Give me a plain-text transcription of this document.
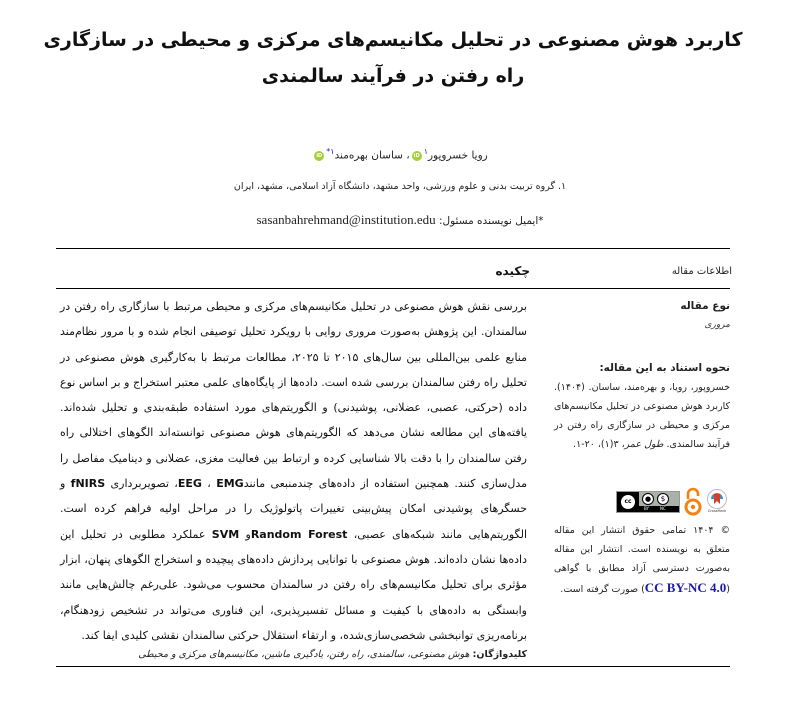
کاربرد هوش مصنوعی در تحلیل مکانیسم‌های مرکزی و محیطی در سازگاری راه رفتن در فرآیند سالمندی
رویا خسروپور$^۱$iD، ساسان بهره‌مند$^{۱*}$iD
۱. گروه تربیت بدنی و علوم ورزشی، واحد مشهد، دانشگاه آزاد اسلامی، مشهد، ایران
*ایمیل نویسنده مسئول: sasanbahrehmand@institution.edu
اطلاعات مقاله
چکیده
نوع مقاله
مروری
نحوه استناد به این مقاله:
خسروپور، رویا، و بهره‌مند، ساسان. (۱۴۰۴). کاربرد هوش مصنوعی در تحلیل مکانیسم‌های مرکزی و محیطی در سازگاری راه رفتن در فرآیند سالمندی. طول عمر، ۳(۱)، ۲۰-۱.
cc	●	$
BY	NC	CrossMark
© ۱۴۰۴ تمامی حقوق انتشار این مقاله متعلق به نویسنده است. انتشار این مقاله به‌صورت دسترسی آزاد مطابق با گواهی (CC BY-NC 4.0) صورت گرفته است.
بررسی نقش هوش مصنوعی در تحلیل مکانیسم‌های مرکزی و محیطی مرتبط با سازگاری راه رفتن در سالمندان. این پژوهش به‌صورت مروری روایی با رویکرد تحلیل توصیفی انجام شده و با مرور نظام‌مند منابع علمی بین‌المللی بین سال‌های ۲۰۱۵ تا ۲۰۲۵، مطالعات مرتبط با به‌کارگیری هوش مصنوعی در تحلیل راه رفتن سالمندان بررسی شده است. داده‌ها از پایگاه‌های علمی معتبر استخراج و بر اساس نوع داده (حرکتی، عصبی، عضلانی، پوشیدنی) و الگوریتم‌های مورد استفاده طبقه‌بندی و تحلیل شده‌اند. یافته‌های این مطالعه نشان می‌دهد که الگوریتم‌های هوش مصنوعی توانسته‌اند الگوهای اختلالی راه رفتن سالمندان را با دقت بالا شناسایی کرده و ارتباط بین فعالیت مغزی، عضلانی و دینامیک مفاصل را مدل‌سازی کنند. همچنین استفاده از داده‌های چندمنبعی مانندEEG ، EMG، تصویربرداری fNIRS و حسگرهای پوشیدنی امکان پیش‌بینی تغییرات پاتولوژیک را در مراحل اولیه فراهم کرده است. الگوریتم‌هایی مانند شبکه‌های عصبی، Random Forestو SVM عملکرد مطلوبی در تحلیل این داده‌ها نشان داده‌اند. هوش مصنوعی با توانایی پردازش داده‌های پیچیده و استخراج الگوهای پنهان، ابزار مؤثری برای تحلیل مکانیسم‌های راه رفتن در سالمندان محسوب می‌شود. علی‌رغم چالش‌هایی مانند وابستگی به داده‌های با کیفیت و مسائل تفسیرپذیری، این فناوری می‌تواند در تشخیص زودهنگام، برنامه‌ریزی توانبخشی شخصی‌سازی‌شده، و ارتقاء استقلال حرکتی سالمندان نقشی کلیدی ایفا کند.
کلیدواژگان: هوش مصنوعی، سالمندی، راه رفتن، یادگیری ماشین، مکانیسم‌های مرکزی و محیطی
